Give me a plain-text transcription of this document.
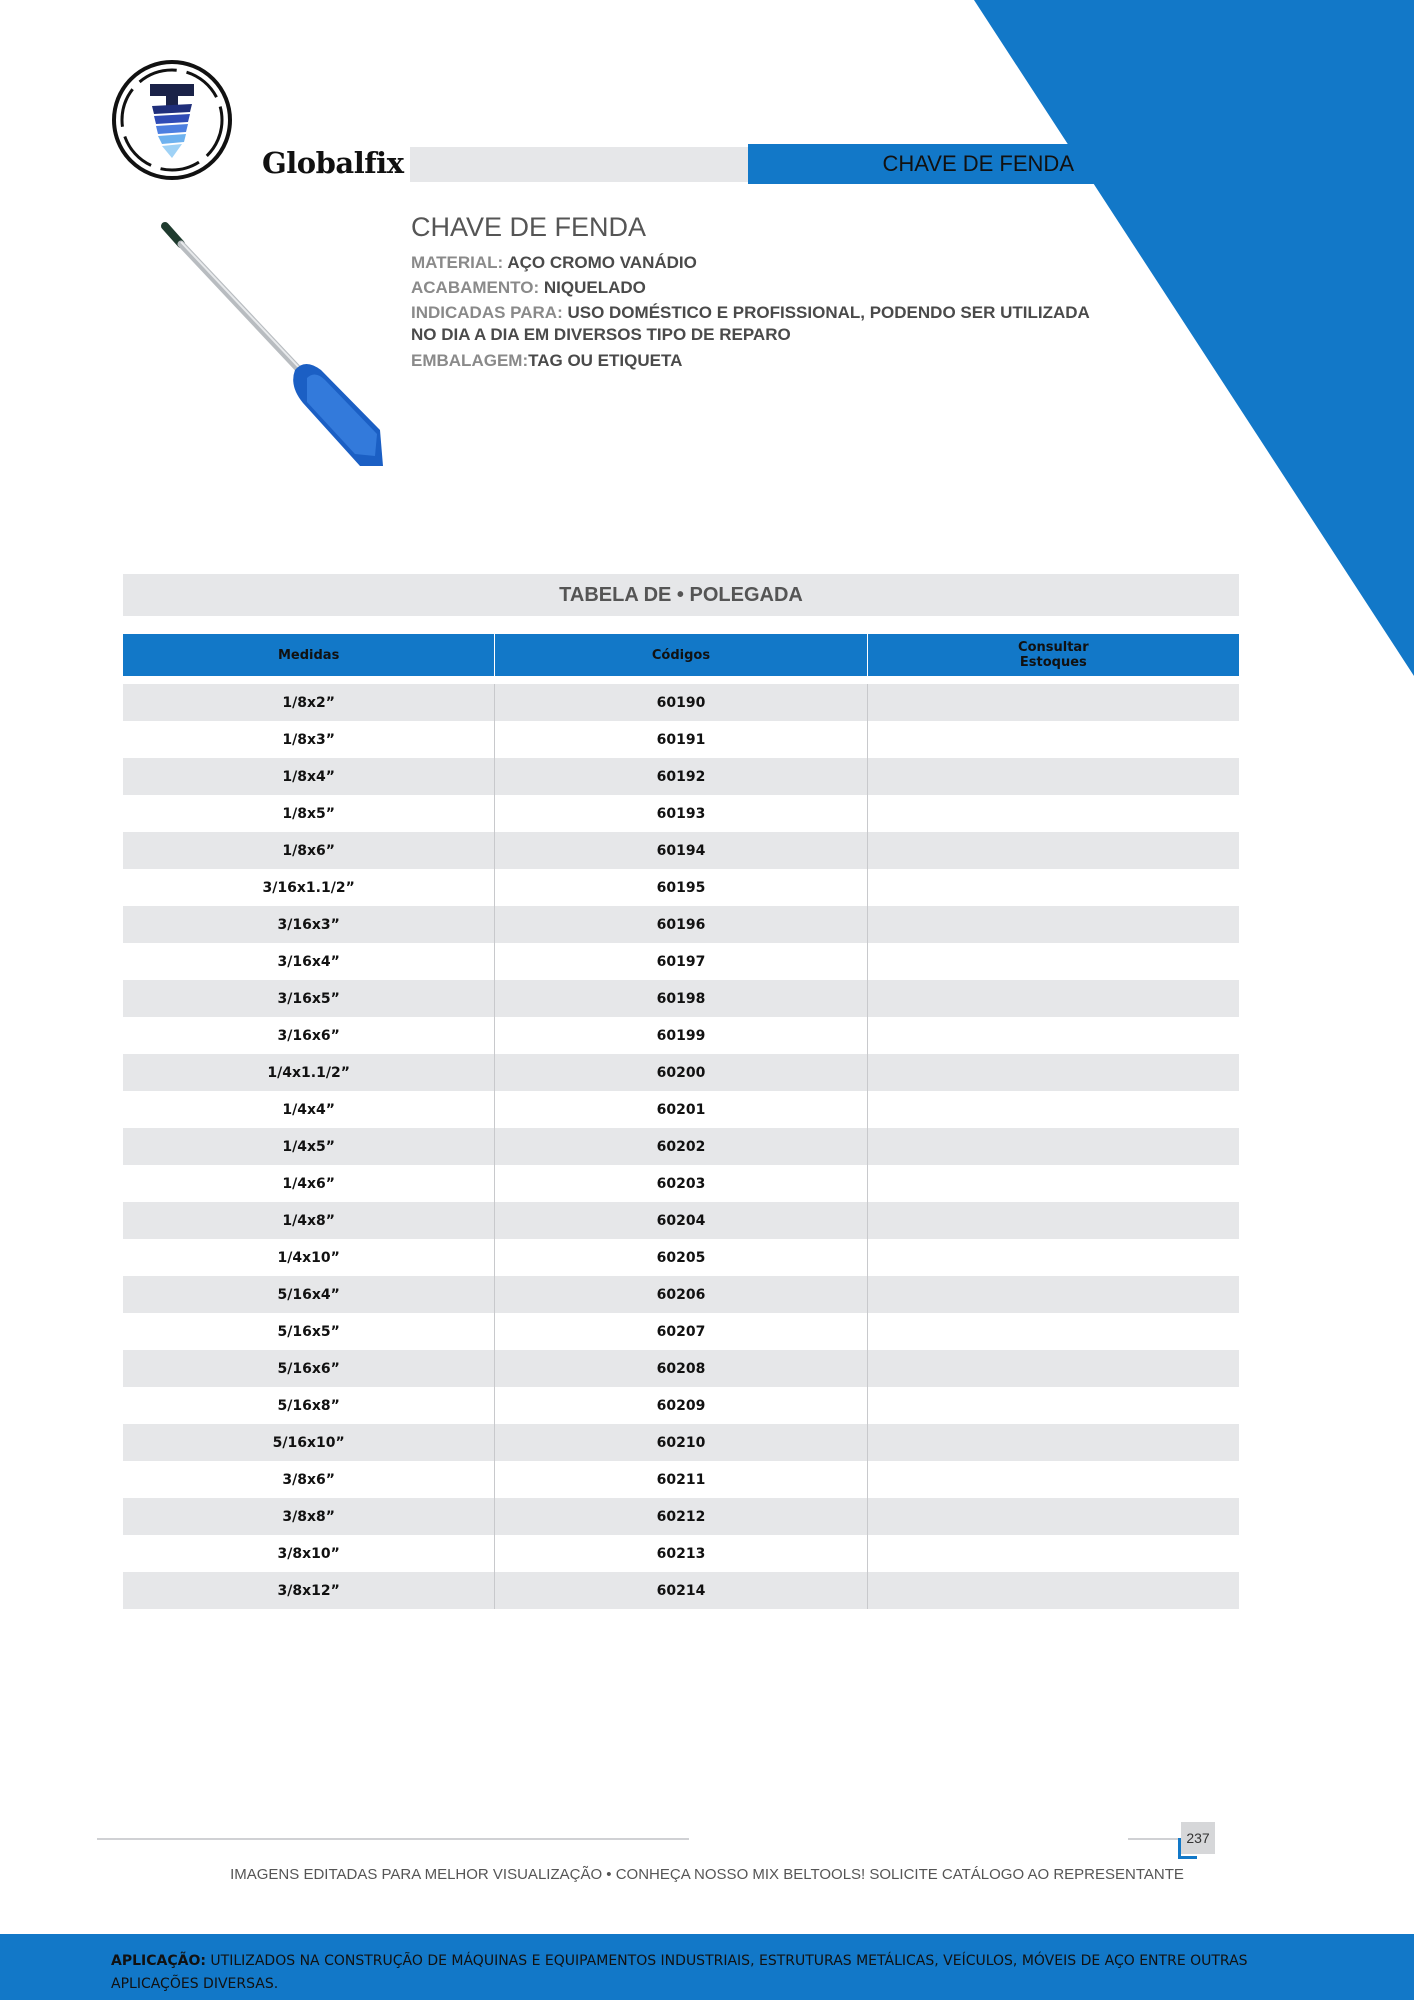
Globalfix	CHAVE DE FENDA
CHAVE DE FENDA
MATERIAL: AÇO CROMO VANÁDIO
ACABAMENTO: NIQUELADO
INDICADAS PARA: USO DOMÉSTICO E PROFISSIONAL, PODENDO SER UTILIZADA NO DIA A DIA EM DIVERSOS TIPO DE REPARO
EMBALAGEM:TAG OU ETIQUETA
TABELA DE • POLEGADA
Medidas	Códigos	Consultar
Estoques
1/8x2”	60190
1/8x3”	60191
1/8x4”	60192
1/8x5”	60193
1/8x6”	60194
3/16x1.1/2”	60195
3/16x3”	60196
3/16x4”	60197
3/16x5”	60198
3/16x6”	60199
1/4x1.1/2”	60200
1/4x4”	60201
1/4x5”	60202
1/4x6”	60203
1/4x8”	60204
1/4x10”	60205
5/16x4”	60206
5/16x5”	60207
5/16x6”	60208
5/16x8”	60209
5/16x10”	60210
3/8x6”	60211
3/8x8”	60212
3/8x10”	60213
3/8x12”	60214
237
IMAGENS EDITADAS PARA MELHOR VISUALIZAÇÃO • CONHEÇA NOSSO MIX BELTOOLS! SOLICITE CATÁLOGO AO REPRESENTANTE
APLICAÇÃO: UTILIZADOS NA CONSTRUÇÃO DE MÁQUINAS E EQUIPAMENTOS INDUSTRIAIS, ESTRUTURAS METÁLICAS, VEÍCULOS, MÓVEIS DE AÇO ENTRE OUTRAS APLICAÇÕES DIVERSAS.
